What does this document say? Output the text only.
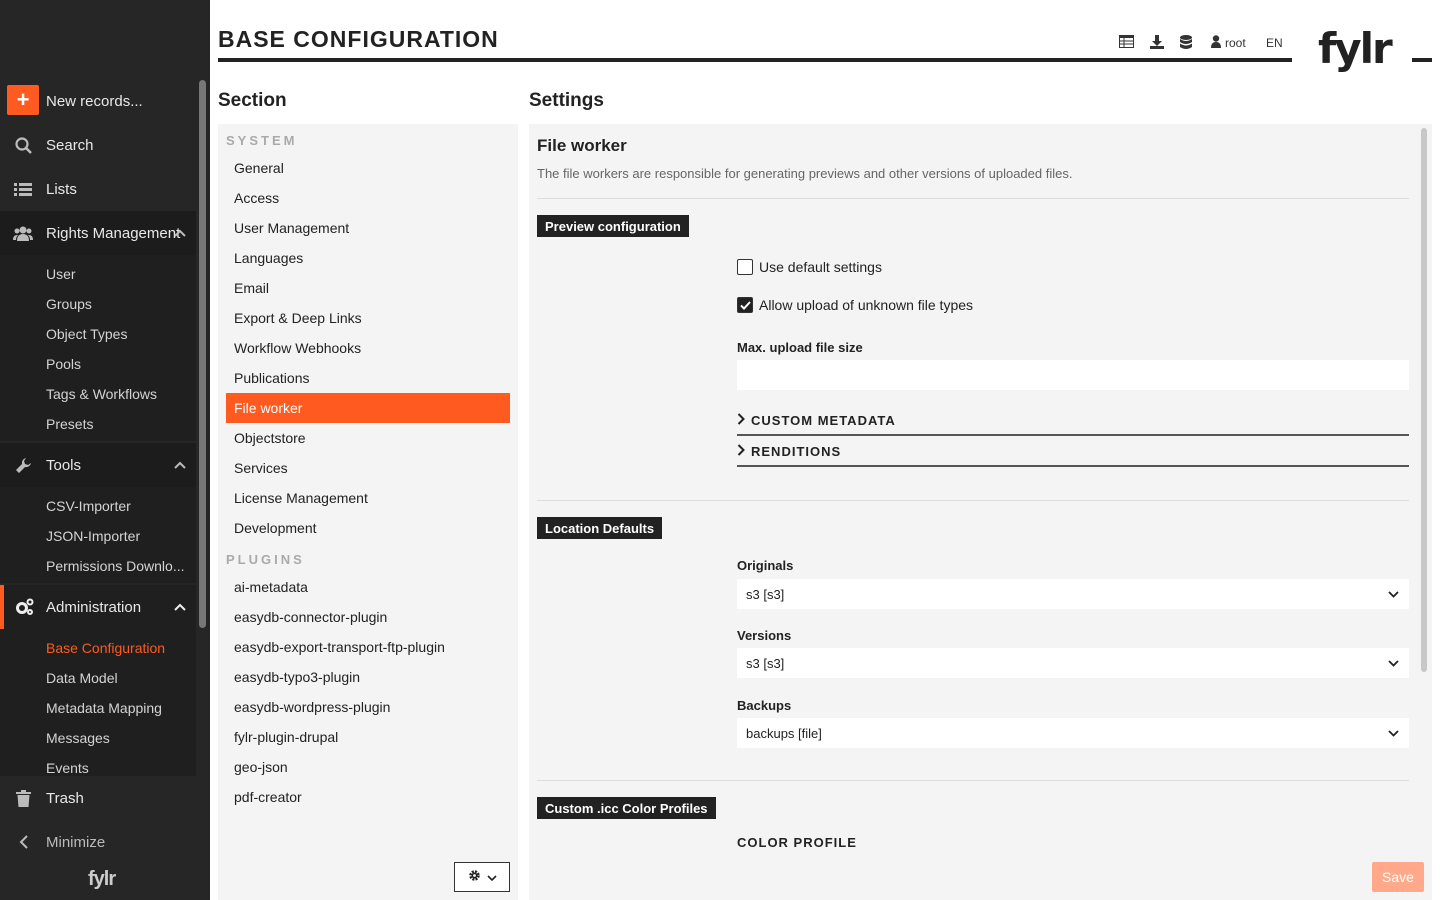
+	New records...
Search
Lists
Rights Management
User
Groups
Object Types
Pools
Tags & Workflows
Presets
Tools
CSV-Importer
JSON-Importer
Permissions Downlo...
Administration
Base Configuration
Data Model
Metadata Mapping
Messages
Events
Trash
Minimize
fylr
BASE CONFIGURATION	root EN fylr
Section
SYSTEM
General
Access
User Management
Languages
Email
Export & Deep Links
Workflow Webhooks
Publications
File worker
Objectstore
Services
License Management
Development
PLUGINS
ai-metadata
easydb-connector-plugin
easydb-export-transport-ftp-plugin
easydb-typo3-plugin
easydb-wordpress-plugin
fylr-plugin-drupal
geo-json
pdf-creator
Settings
File worker
The file workers are responsible for generating previews and other versions of uploaded files.
Preview configuration
Use default settings
Allow upload of unknown file types
Max. upload file size
CUSTOM METADATA
RENDITIONS
Location Defaults
Originals
s3 [s3]
Versions
s3 [s3]
Backups
backups [file]
Custom .icc Color Profiles
COLOR PROFILE
Save
